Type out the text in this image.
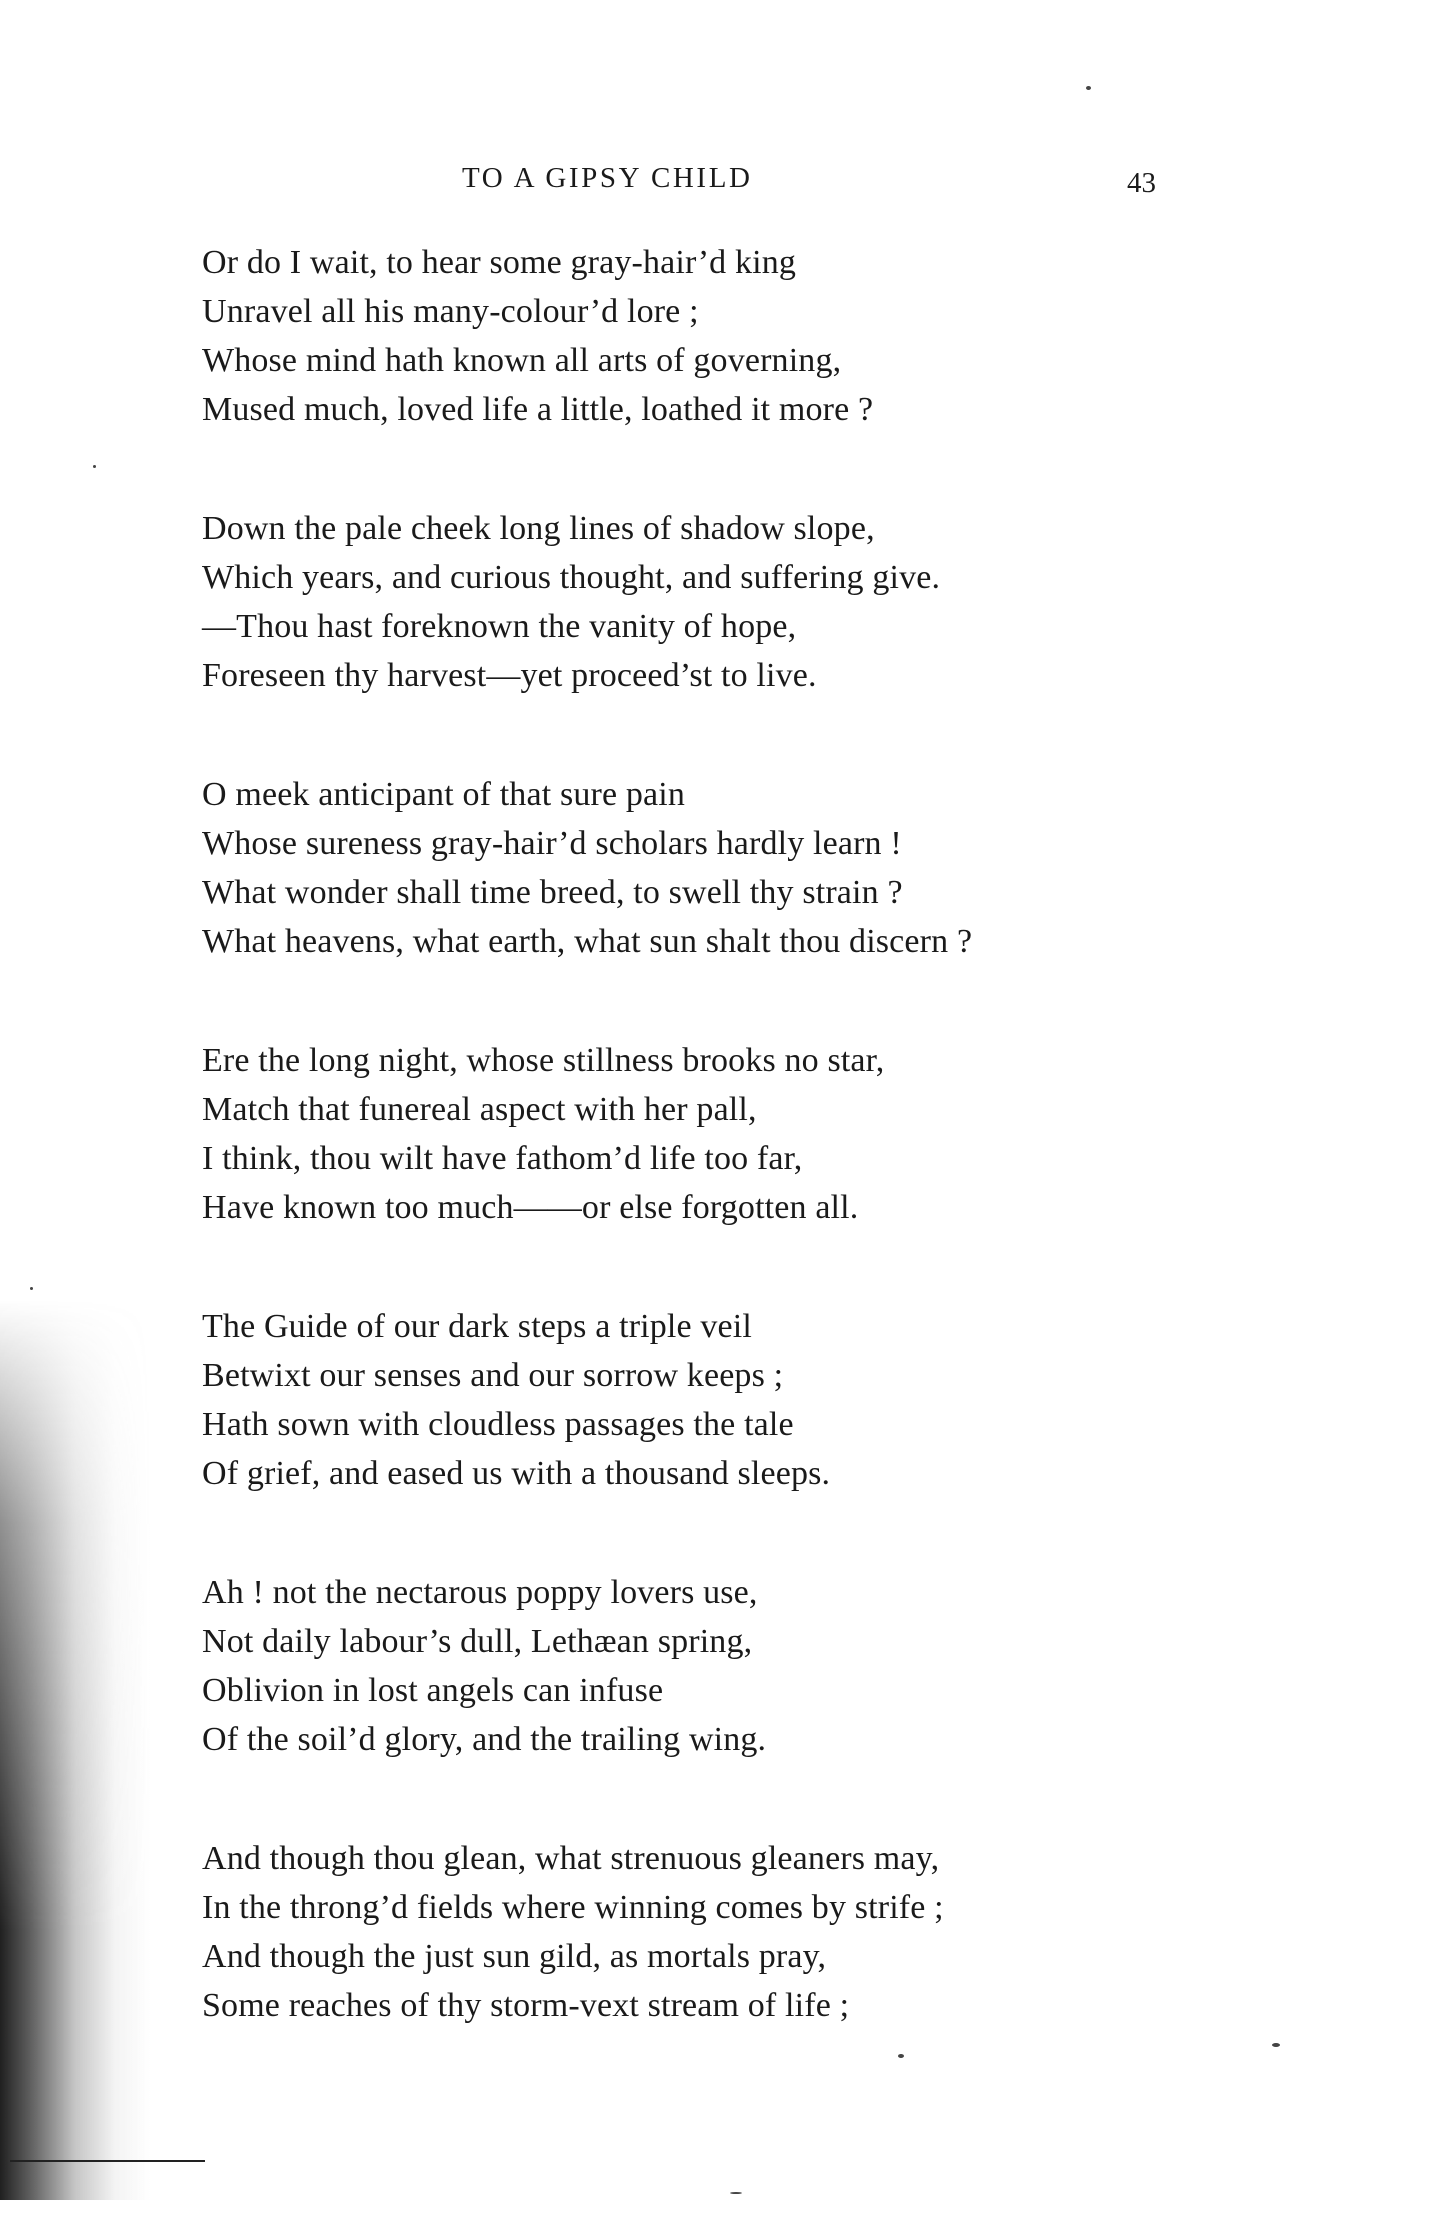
TO A GIPSY CHILD	43
Or do I wait, to hear some gray-hair’d king
Unravel all his many-colour’d lore ;
Whose mind hath known all arts of governing,
Mused much, loved life a little, loathed it more ?
Down the pale cheek long lines of shadow slope,
Which years, and curious thought, and suffering give.
—Thou hast foreknown the vanity of hope,
Foreseen thy harvest—yet proceed’st to live.
O meek anticipant of that sure pain
Whose sureness gray-hair’d scholars hardly learn !
What wonder shall time breed, to swell thy strain ?
What heavens, what earth, what sun shalt thou discern ?
Ere the long night, whose stillness brooks no star,
Match that funereal aspect with her pall,
I think, thou wilt have fathom’d life too far,
Have known too much——or else forgotten all.
The Guide of our dark steps a triple veil
Betwixt our senses and our sorrow keeps ;
Hath sown with cloudless passages the tale
Of grief, and eased us with a thousand sleeps.
Ah ! not the nectarous poppy lovers use,
Not daily labour’s dull, Lethæan spring,
Oblivion in lost angels can infuse
Of the soil’d glory, and the trailing wing.
And though thou glean, what strenuous gleaners may,
In the throng’d fields where winning comes by strife ;
And though the just sun gild, as mortals pray,
Some reaches of thy storm-vext stream of life ;
